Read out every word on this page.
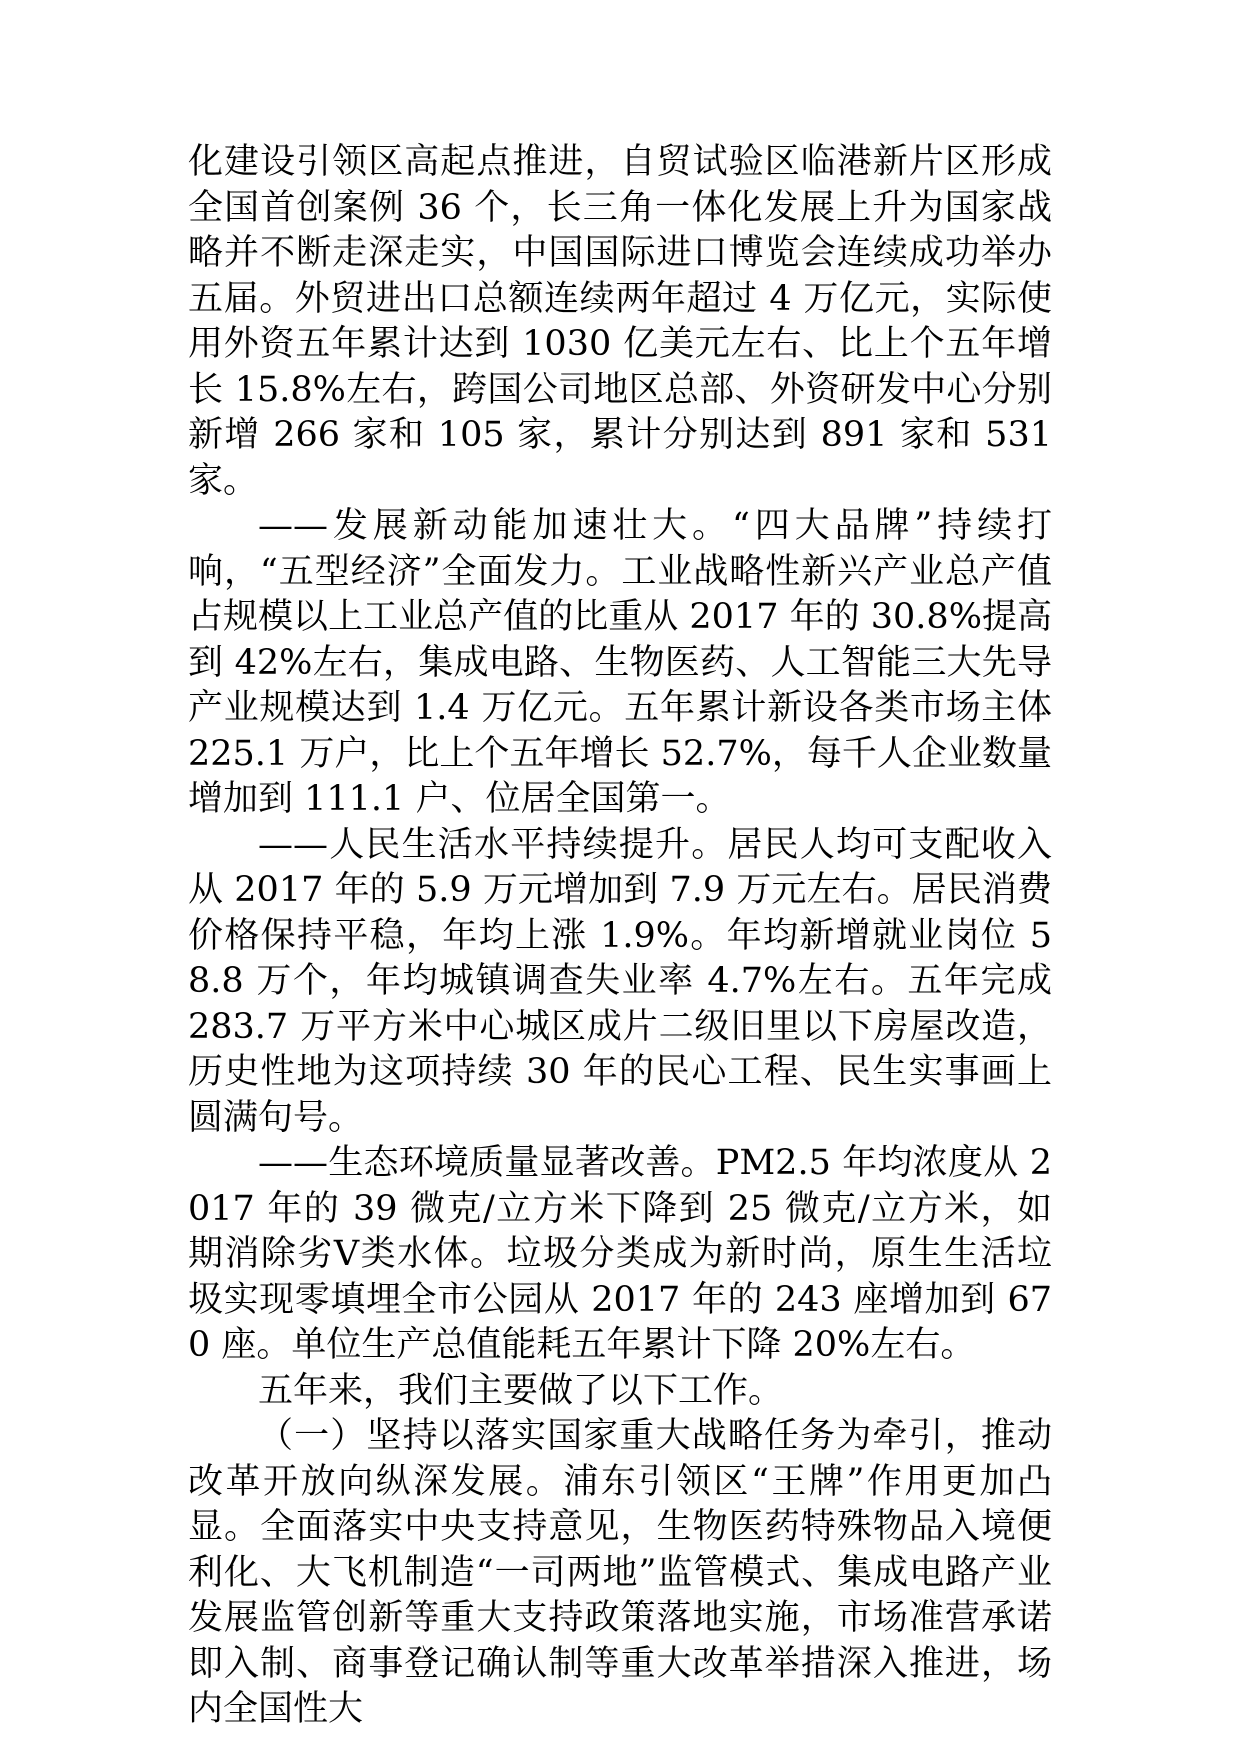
化建设引领区高起点推进，自贸试验区临港新片区形成全国首创案例 36 个，长三角一体化发展上升为国家战略并不断走深走实，中国国际进口博览会连续成功举办五届。外贸进出口总额连续两年超过 4 万亿元，实际使用外资五年累计达到 1030 亿美元左右、比上个五年增长 15.8%左右，跨国公司地区总部、外资研发中心分别新增 266 家和 105 家，累计分别达到 891 家和 531 家。

——发展新动能加速壮大。“四大品牌”持续打响，“五型经济”全面发力。工业战略性新兴产业总产值占规模以上工业总产值的比重从 2017 年的 30.8%提高到 42%左右，集成电路、生物医药、人工智能三大先导产业规模达到 1.4 万亿元。五年累计新设各类市场主体 225.1 万户，比上个五年增长 52.7%，每千人企业数量增加到 111.1 户、位居全国第一。

——人民生活水平持续提升。居民人均可支配收入从 2017 年的 5.9 万元增加到 7.9 万元左右。居民消费价格保持平稳，年均上涨 1.9%。年均新增就业岗位 58.8 万个，年均城镇调查失业率 4.7%左右。五年完成 283.7 万平方米中心城区成片二级旧里以下房屋改造，历史性地为这项持续 30 年的民心工程、民生实事画上圆满句号。

——生态环境质量显著改善。PM2.5 年均浓度从 2017 年的 39 微克/立方米下降到 25 微克/立方米，如期消除劣Ⅴ类水体。垃圾分类成为新时尚，原生生活垃圾实现零填埋全市公园从 2017 年的 243 座增加到 670 座。单位生产总值能耗五年累计下降 20%左右。

五年来，我们主要做了以下工作。

（一）坚持以落实国家重大战略任务为牵引，推动改革开放向纵深发展。浦东引领区“王牌”作用更加凸显。全面落实中央支持意见，生物医药特殊物品入境便利化、大飞机制造“一司两地”监管模式、集成电路产业发展监管创新等重大支持政策落地实施，市场准营承诺即入制、商事登记确认制等重大改革举措深入推进，场内全国性大
